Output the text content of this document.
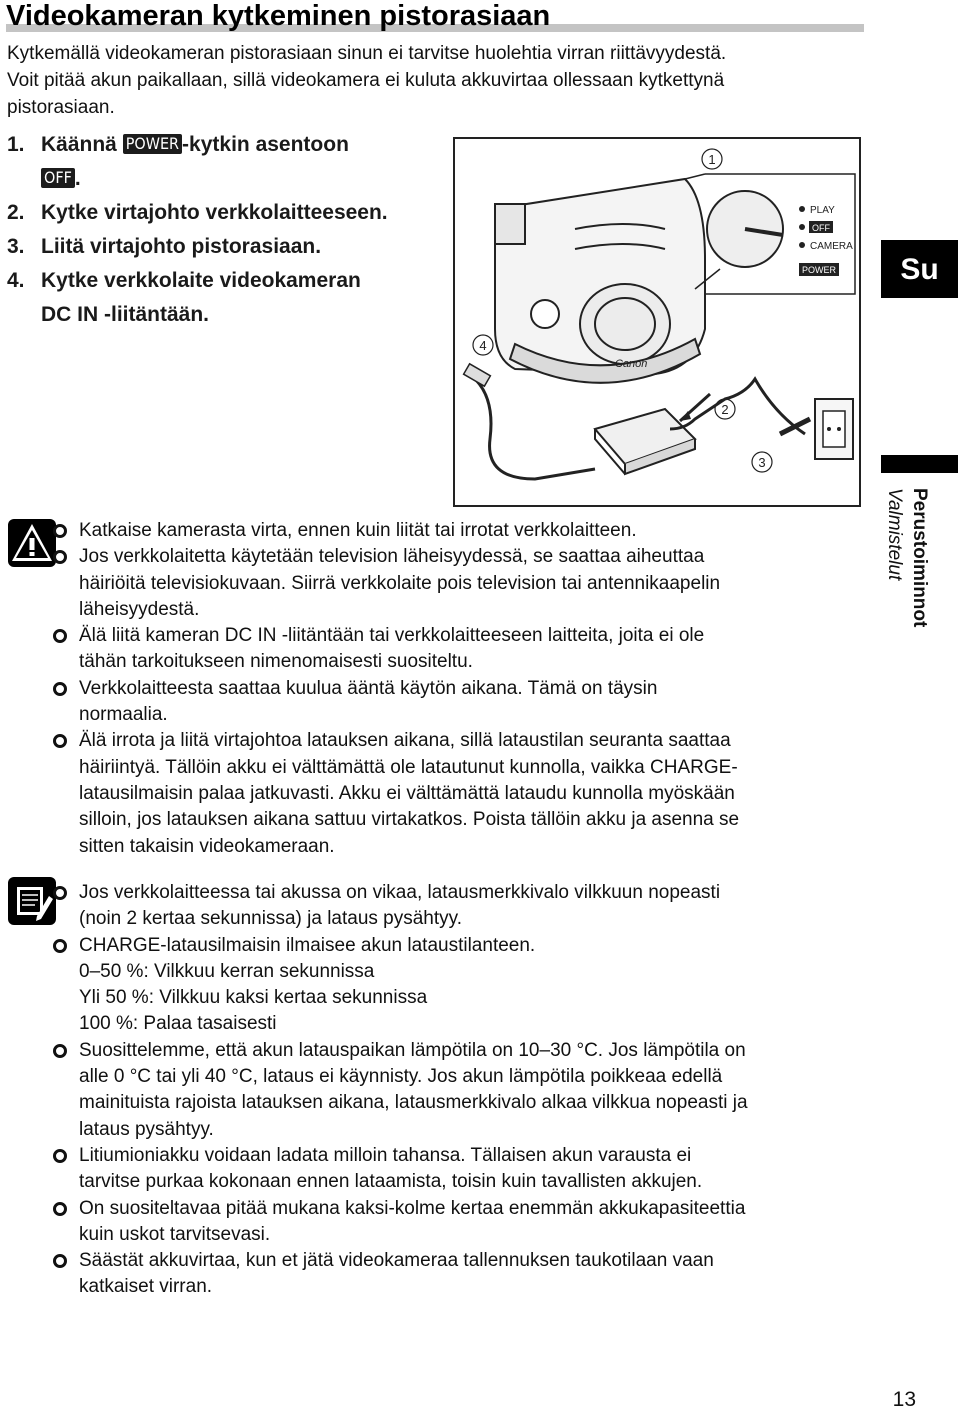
Videokameran kytkeminen pistorasiaan

Kytkemällä videokameran pistorasiaan sinun ei tarvitse huolehtia virran riittävyydestä.

Voit pitää akun paikallaan, sillä videokamera ei kuluta akkuvirtaa ollessaan kytkettynä

pistorasiaan.

1. Käännä POWER -kytkin asentoon
OFF .
2. Kytke virtajohto verkkolaitteeseen.
3. Liitä virtajohto pistorasiaan.
4. Kytke verkkolaite videokameran
DC IN -liitäntään.
Canon
PLAY
OFF
CAMERA
POWER
1
2
3
4
Su
Perustoiminnot
Valmistelut
Katkaise kamerasta virta, ennen kuin liität tai irrotat verkkolaitteen.
Jos verkkolaitetta käytetään television läheisyydessä, se saattaa aiheuttaa
häiriöitä televisiokuvaan. Siirrä verkkolaite pois television tai antennikaapelin
läheisyydestä.
Älä liitä kameran DC IN -liitäntään tai verkkolaitteeseen laitteita, joita ei ole
tähän tarkoitukseen nimenomaisesti suositeltu.
Verkkolaitteesta saattaa kuulua ääntä käytön aikana. Tämä on täysin
normaalia.
Älä irrota ja liitä virtajohtoa latauksen aikana, sillä lataustilan seuranta saattaa
häiriintyä. Tällöin akku ei välttämättä ole latautunut kunnolla, vaikka CHARGE-
latausilmaisin palaa jatkuvasti. Akku ei välttämättä lataudu kunnolla myöskään
silloin, jos latauksen aikana sattuu virtakatkos. Poista tällöin akku ja asenna se
sitten takaisin videokameraan.
Jos verkkolaitteessa tai akussa on vikaa, latausmerkkivalo vilkkuun nopeasti
(noin 2 kertaa sekunnissa) ja lataus pysähtyy.
CHARGE-latausilmaisin ilmaisee akun lataustilanteen.
0–50 %: Vilkkuu kerran sekunnissa
Yli 50 %: Vilkkuu kaksi kertaa sekunnissa
100 %: Palaa tasaisesti
Suosittelemme, että akun latauspaikan lämpötila on 10–30 °C. Jos lämpötila on
alle 0 °C tai yli 40 °C, lataus ei käynnisty. Jos akun lämpötila poikkeaa edellä
mainituista rajoista latauksen aikana, latausmerkkivalo alkaa vilkkua nopeasti ja
lataus pysähtyy.
Litiumioniakku voidaan ladata milloin tahansa. Tällaisen akun varausta ei
tarvitse purkaa kokonaan ennen lataamista, toisin kuin tavallisten akkujen.
On suositeltavaa pitää mukana kaksi-kolme kertaa enemmän akkukapasiteettia
kuin uskot tarvitsevasi.
Säästät akkuvirtaa, kun et jätä videokameraa tallennuksen taukotilaan vaan
katkaiset virran.
13
